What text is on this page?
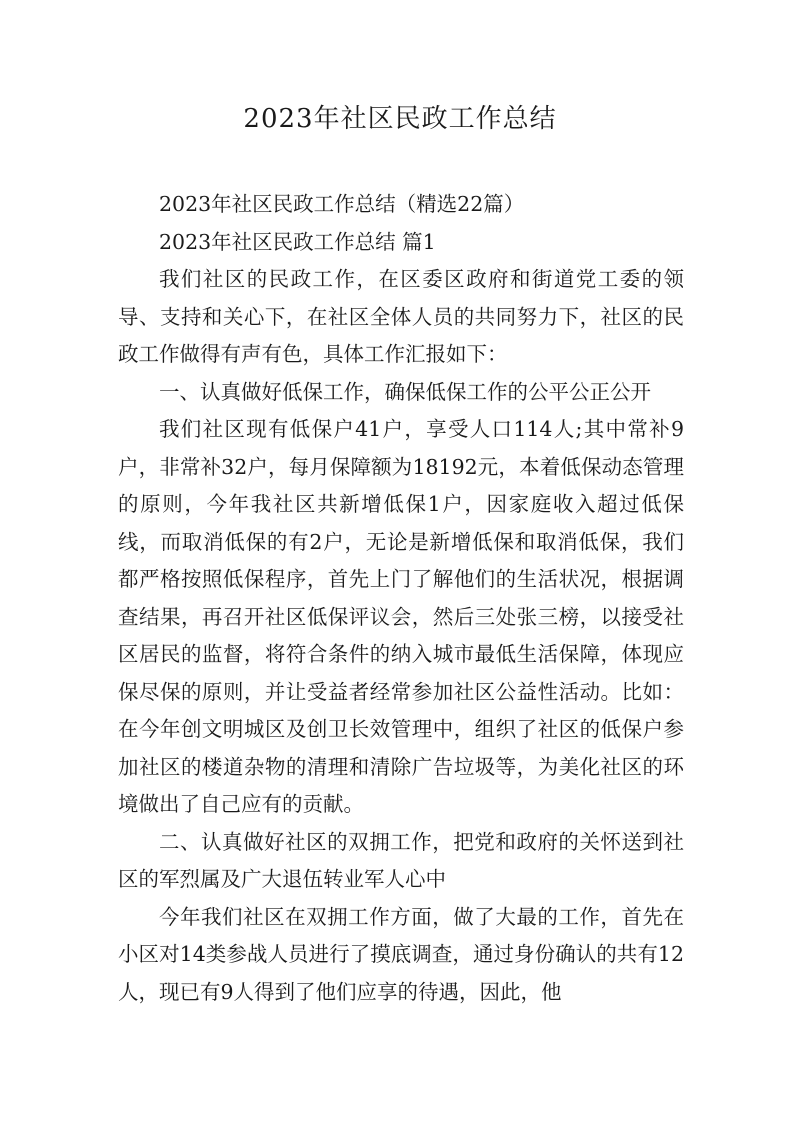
2023年社区民政工作总结

2023年社区民政工作总结（精选22篇）

2023年社区民政工作总结 篇1

我们社区的民政工作，在区委区政府和街道党工委的领导、支持和关心下，在社区全体人员的共同努力下，社区的民政工作做得有声有色，具体工作汇报如下：

一、认真做好低保工作，确保低保工作的公平公正公开

我们社区现有低保户41户，享受人口114人;其中常补9户，非常补32户，每月保障额为18192元，本着低保动态管理的原则，今年我社区共新增低保1户，因家庭收入超过低保线，而取消低保的有2户，无论是新增低保和取消低保，我们都严格按照低保程序，首先上门了解他们的生活状况，根据调查结果，再召开社区低保评议会，然后三处张三榜，以接受社区居民的监督，将符合条件的纳入城市最低生活保障，体现应保尽保的原则，并让受益者经常参加社区公益性活动。比如：在今年创文明城区及创卫长效管理中，组织了社区的低保户参加社区的楼道杂物的清理和清除广告垃圾等，为美化社区的环境做出了自己应有的贡献。

二、认真做好社区的双拥工作，把党和政府的关怀送到社区的军烈属及广大退伍转业军人心中

今年我们社区在双拥工作方面，做了大最的工作，首先在小区对14类参战人员进行了摸底调查，通过身份确认的共有12人，现已有9人得到了他们应享的待遇，因此，他
